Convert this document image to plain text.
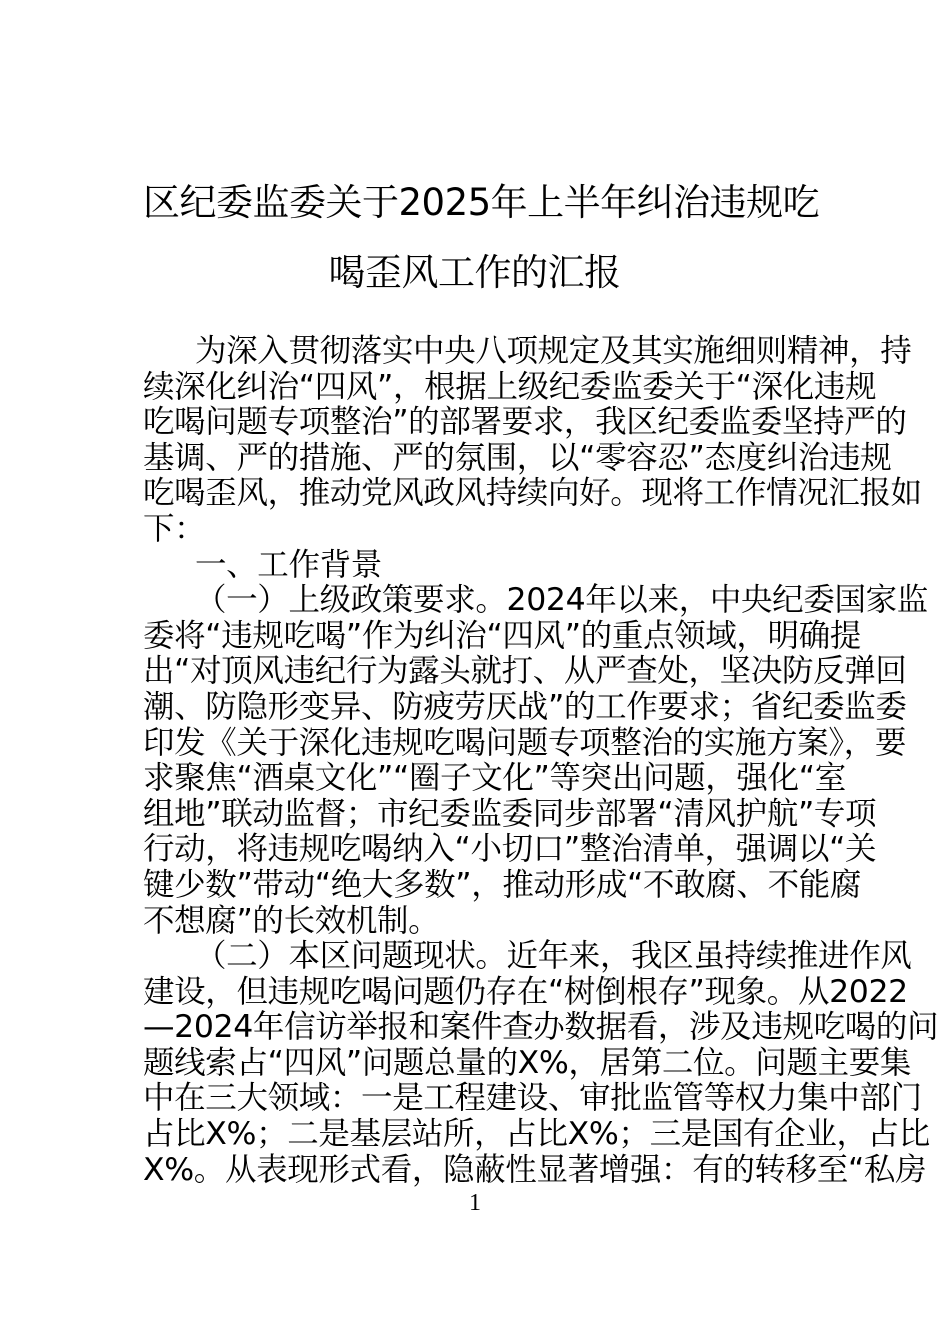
区纪委监委关于2025年上半年纠治违规吃
喝歪风工作的汇报

为深入贯彻落实中央八项规定及其实施细则精神，持
续深化纠治“四风”，根据上级纪委监委关于“深化违规
吃喝问题专项整治”的部署要求，我区纪委监委坚持严的
基调、严的措施、严的氛围，以“零容忍”态度纠治违规
吃喝歪风，推动党风政风持续向好。现将工作情况汇报如
下：

一、工作背景

（一）上级政策要求。2024年以来，中央纪委国家监
委将“违规吃喝”作为纠治“四风”的重点领域，明确提
出“对顶风违纪行为露头就打、从严查处，坚决防反弹回
潮、防隐形变异、防疲劳厌战”的工作要求；省纪委监委
印发《关于深化违规吃喝问题专项整治的实施方案》，要
求聚焦“酒桌文化”“圈子文化”等突出问题，强化“室
组地”联动监督；市纪委监委同步部署“清风护航”专项
行动，将违规吃喝纳入“小切口”整治清单，强调以“关
键少数”带动“绝大多数”，推动形成“不敢腐、不能腐
不想腐”的长效机制。

（二）本区问题现状。近年来，我区虽持续推进作风
建设，但违规吃喝问题仍存在“树倒根存”现象。从2022
—2024年信访举报和案件查办数据看，涉及违规吃喝的问
题线索占“四风”问题总量的X%，居第二位。问题主要集
中在三大领域：一是工程建设、审批监管等权力集中部门
占比X%；二是基层站所，占比X%；三是国有企业，占比
X%。从表现形式看，隐蔽性显著增强：有的转移至“私房

1
